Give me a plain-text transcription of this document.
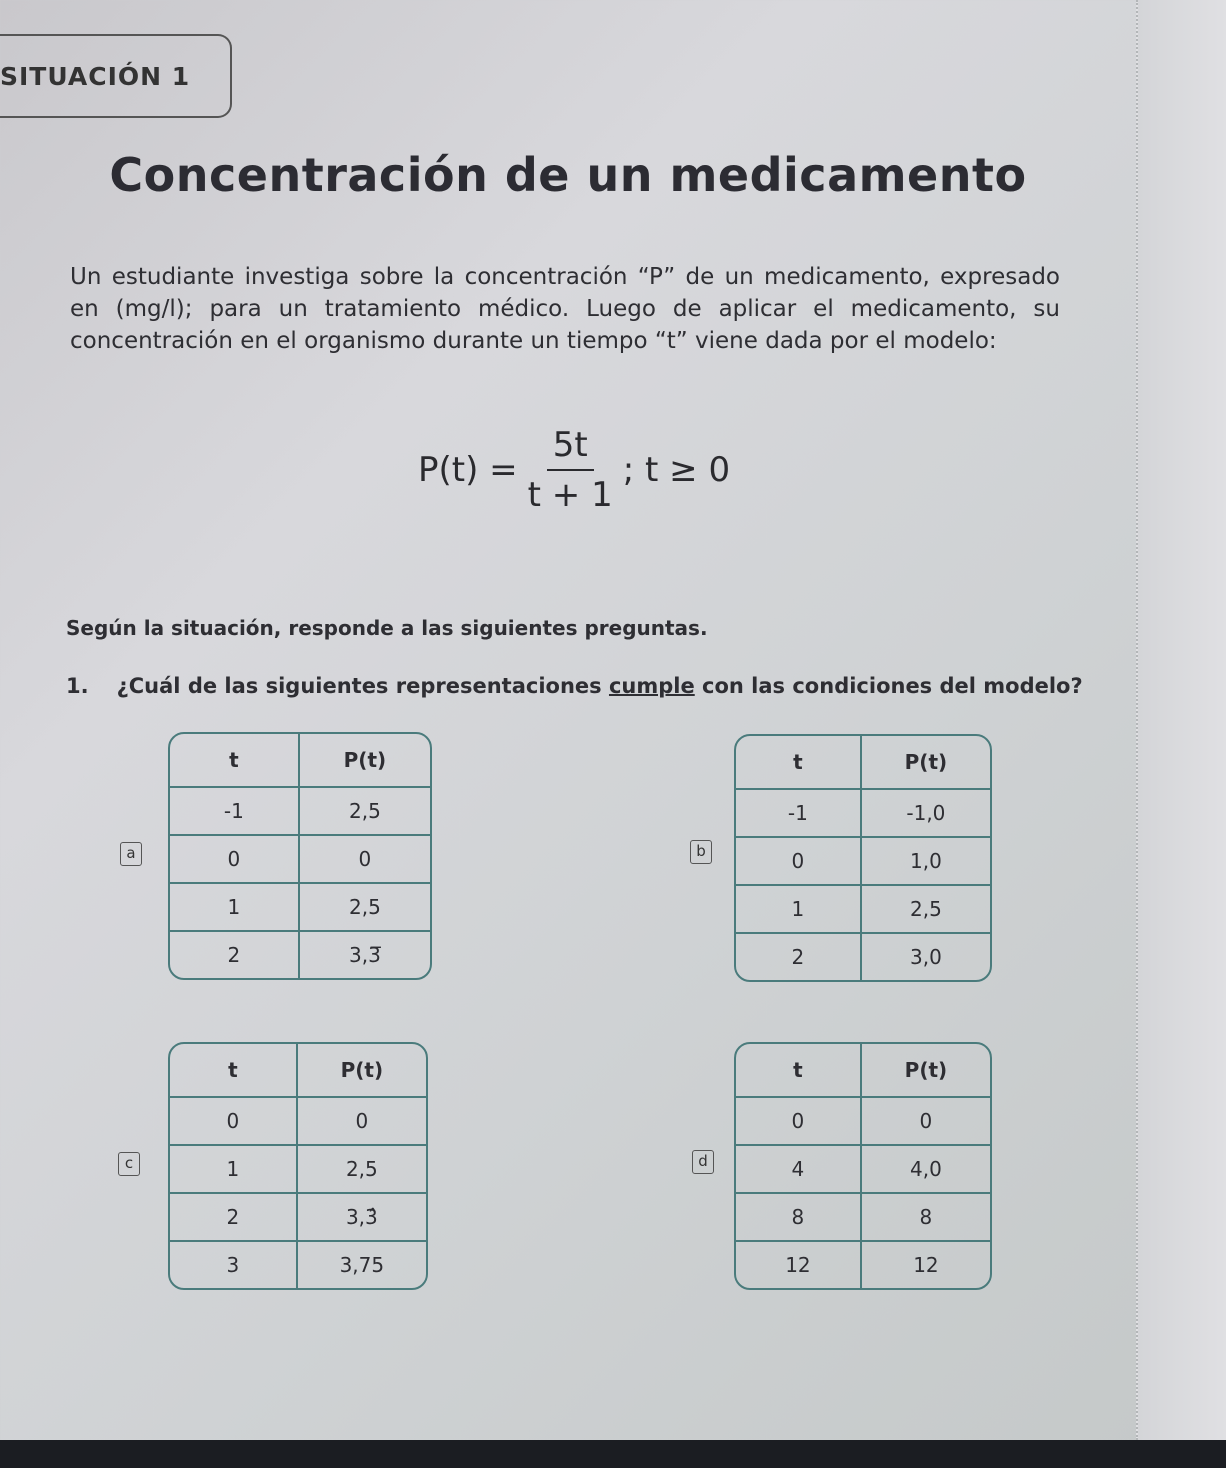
SITUACIÓN 1
Concentración de un medicamento

Un estudiante investiga sobre la concentración “P” de un medicamento, expresado en (mg/l); para un tratamiento médico. Luego de aplicar el medicamento, su concentración en el organismo durante un tiempo “t” viene dada por el modelo:

$P(t) = \frac{5t}{t + 1}$ ; t ≥ 0
Según la situación, responde a las siguientes preguntas.
1. ¿Cuál de las siguientes representaciones cumple con las condiciones del modelo?
a
t	P(t)
-1	2,5
0	0
1	2,5
2	3,3̅
b
t	P(t)
-1	-1,0
0	1,0
1	2,5
2	3,0
c
t	P(t)
0	0
1	2,5
2	3,3̂
3	3,75
d
t	P(t)
0	0
4	4,0
8	8
12	12
